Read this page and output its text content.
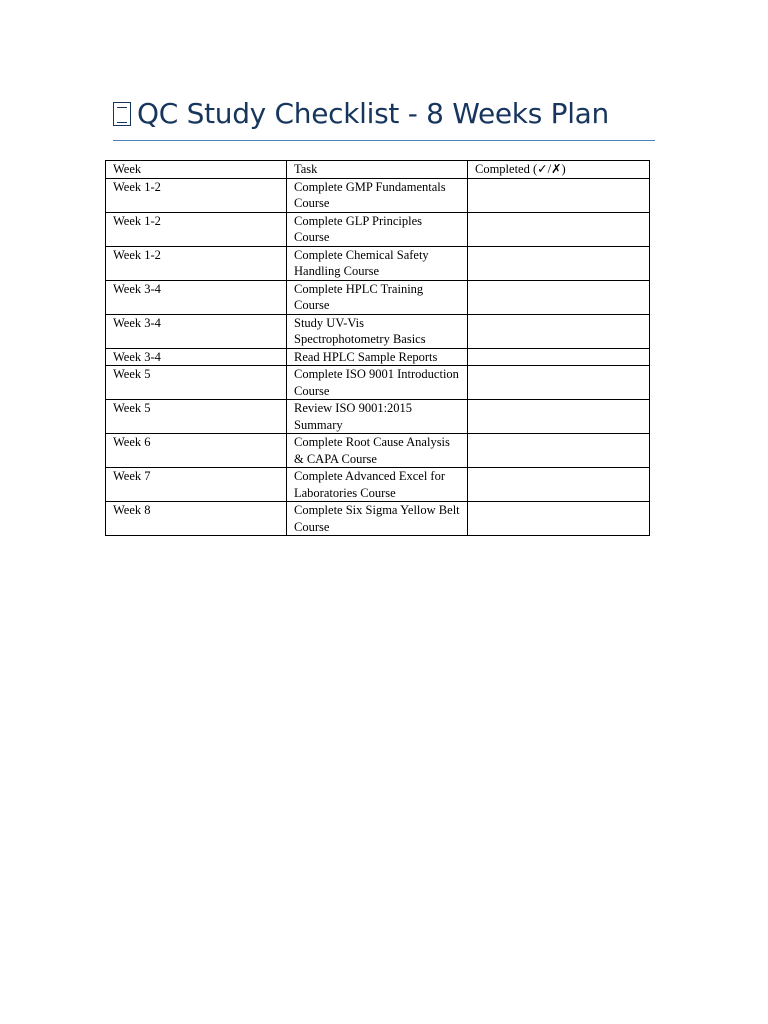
QC Study Checklist - 8 Weeks Plan
Week	Task	Completed (✓/✗)
Week 1-2	Complete GMP Fundamentals Course	
Week 1-2	Complete GLP Principles Course	
Week 1-2	Complete Chemical Safety Handling Course	
Week 3-4	Complete HPLC Training Course	
Week 3-4	Study UV-Vis Spectrophotometry Basics	
Week 3-4	Read HPLC Sample Reports	
Week 5	Complete ISO 9001 Introduction Course	
Week 5	Review ISO 9001:2015 Summary	
Week 6	Complete Root Cause Analysis & CAPA Course	
Week 7	Complete Advanced Excel for Laboratories Course	
Week 8	Complete Six Sigma Yellow Belt Course	
